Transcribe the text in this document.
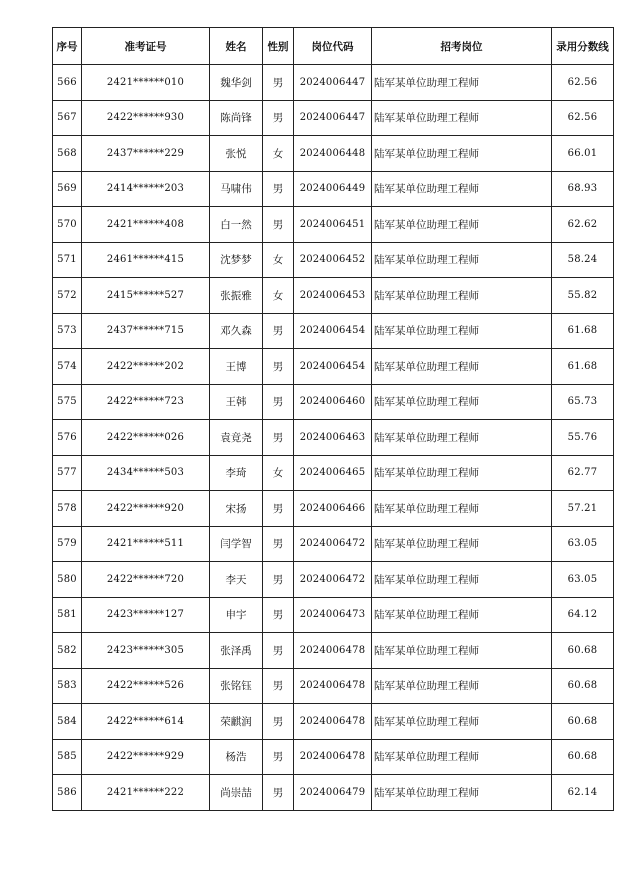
序号	准考证号	姓名	性别	岗位代码	招考岗位	录用分数线
566	2421******010	魏华剑	男	2024006447	陆军某单位助理工程师	62.56
567	2422******930	陈尚锋	男	2024006447	陆军某单位助理工程师	62.56
568	2437******229	张悦	女	2024006448	陆军某单位助理工程师	66.01
569	2414******203	马啸伟	男	2024006449	陆军某单位助理工程师	68.93
570	2421******408	白一然	男	2024006451	陆军某单位助理工程师	62.62
571	2461******415	沈梦梦	女	2024006452	陆军某单位助理工程师	58.24
572	2415******527	张振雅	女	2024006453	陆军某单位助理工程师	55.82
573	2437******715	邓久森	男	2024006454	陆军某单位助理工程师	61.68
574	2422******202	王博	男	2024006454	陆军某单位助理工程师	61.68
575	2422******723	王韩	男	2024006460	陆军某单位助理工程师	65.73
576	2422******026	袁竟尧	男	2024006463	陆军某单位助理工程师	55.76
577	2434******503	李琦	女	2024006465	陆军某单位助理工程师	62.77
578	2422******920	宋扬	男	2024006466	陆军某单位助理工程师	57.21
579	2421******511	闫学智	男	2024006472	陆军某单位助理工程师	63.05
580	2422******720	李天	男	2024006472	陆军某单位助理工程师	63.05
581	2423******127	申宇	男	2024006473	陆军某单位助理工程师	64.12
582	2423******305	张泽禹	男	2024006478	陆军某单位助理工程师	60.68
583	2422******526	张铭钰	男	2024006478	陆军某单位助理工程师	60.68
584	2422******614	荣麒润	男	2024006478	陆军某单位助理工程师	60.68
585	2422******929	杨浩	男	2024006478	陆军某单位助理工程师	60.68
586	2421******222	尚崇喆	男	2024006479	陆军某单位助理工程师	62.14
